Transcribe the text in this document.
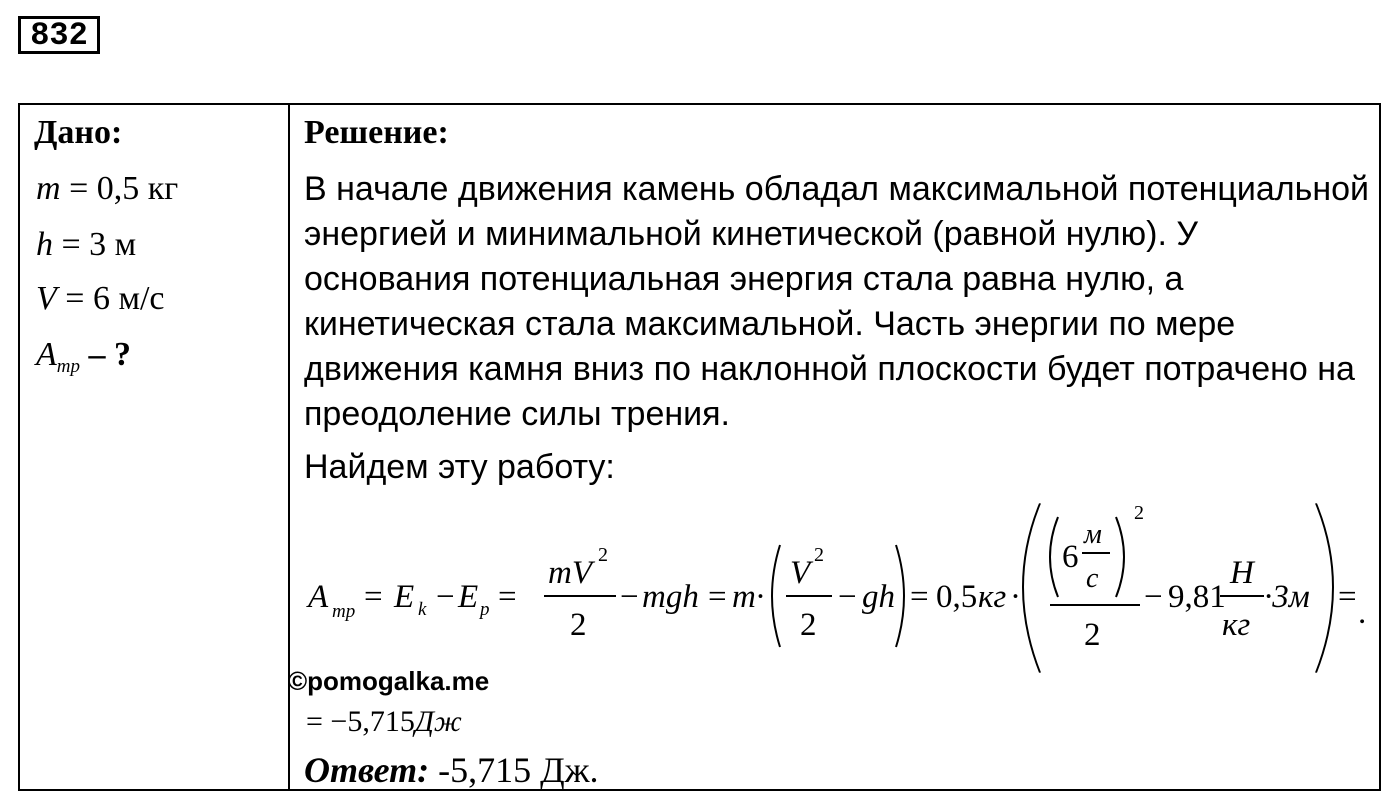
832
Дано:
m = 0,5 кг
h = 3 м
V = 6 м/с
$A_{тр}$ – ?
Решение:

В начале движения камень обладал максимальной потенциальной энергией и минимальной кинетической (равной нулю). У основания потенциальная энергия стала равна нулю, а кинетическая стала максимальной. Часть энергии по мере движения камня вниз по наклонной плоскости будет потрачено на преодоление силы трения.

Найдем эту работу:
A тр = E k − E p =
mV 2
2
− mgh = m·
V 2
2
− gh = 0,5 кг ·
6
м
с
2
2
− 9,81
Н
кг
·3м = .
©pomogalka.me
= −5,715Дж
Ответ: -5,715 Дж.
